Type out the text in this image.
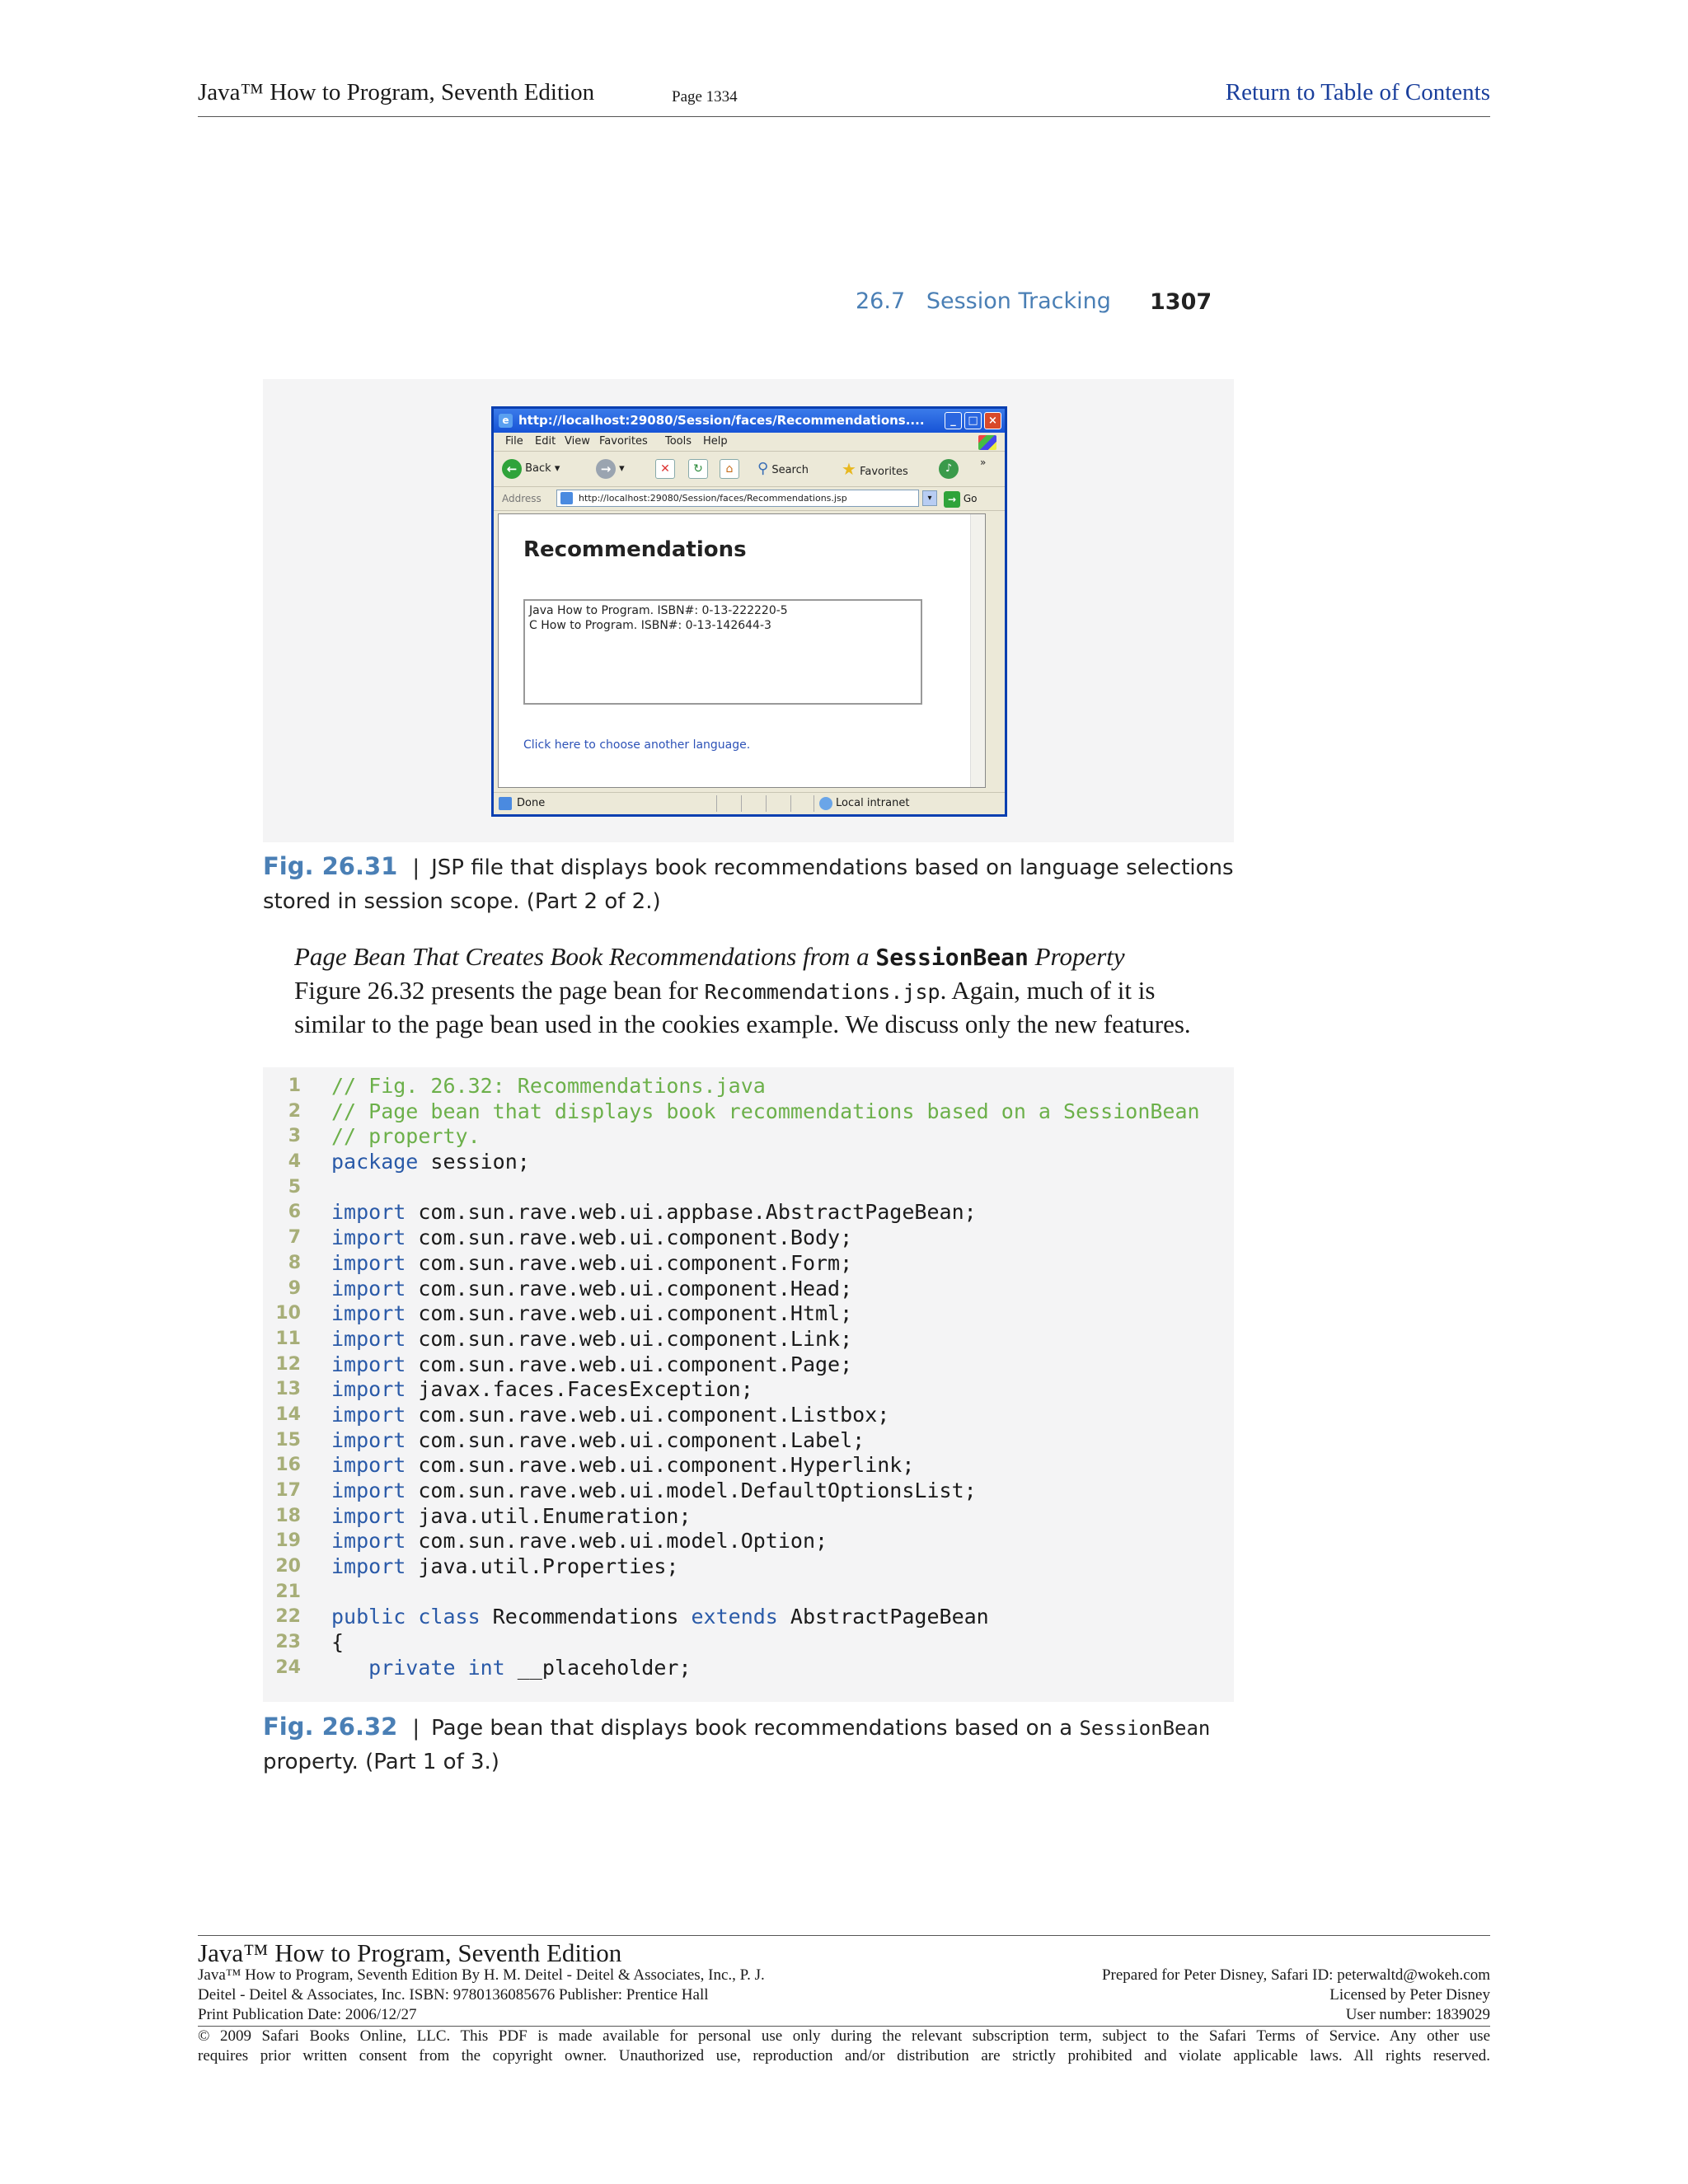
Java™ How to Program, Seventh Edition	Page 1334	Return to Table of Contents
26.7   Session Tracking 1307
e http://localhost:29080/Session/faces/Recommendations....	_	□ ×
File Edit View Favorites Tools Help
← Back ▾	→ ▾	✕	↻	⌂	⚲ Search ★ Favorites	♪	»
Address	http://localhost:29080/Session/faces/Recommendations.jsp	▾	→ Go
Recommendations
Java How to Program. ISBN#: 0-13-222220-5
C How to Program. ISBN#: 0-13-142644-3
Click here to choose another language.
Done	Local intranet
Fig. 26.31 | JSP file that displays book recommendations based on language selections stored in session scope. (Part 2 of 2.)
Page Bean That Creates Book Recommendations from a SessionBean Property
Figure 26.32 presents the page bean for Recommendations.jsp. Again, much of it is similar to the page bean used in the cookies example. We discuss only the new features.
1 // Fig. 26.32: Recommendations.java
2 // Page bean that displays book recommendations based on a SessionBean
3 // property.
4 package session;
5
6 import com.sun.rave.web.ui.appbase.AbstractPageBean;
7 import com.sun.rave.web.ui.component.Body;
8 import com.sun.rave.web.ui.component.Form;
9 import com.sun.rave.web.ui.component.Head;
10 import com.sun.rave.web.ui.component.Html;
11 import com.sun.rave.web.ui.component.Link;
12 import com.sun.rave.web.ui.component.Page;
13 import javax.faces.FacesException;
14 import com.sun.rave.web.ui.component.Listbox;
15 import com.sun.rave.web.ui.component.Label;
16 import com.sun.rave.web.ui.component.Hyperlink;
17 import com.sun.rave.web.ui.model.DefaultOptionsList;
18 import java.util.Enumeration;
19 import com.sun.rave.web.ui.model.Option;
20 import java.util.Properties;
21
22 public class Recommendations extends AbstractPageBean
23 {
24	private int __placeholder;
Fig. 26.32 | Page bean that displays book recommendations based on a SessionBean property. (Part 1 of 3.)
Java™ How to Program, Seventh Edition
Java™ How to Program, Seventh Edition By H. M. Deitel - Deitel & Associates, Inc., P. J.
Deitel - Deitel & Associates, Inc. ISBN: 9780136085676 Publisher: Prentice Hall
Print Publication Date: 2006/12/27
Prepared for Peter Disney, Safari ID: peterwaltd@wokeh.com
Licensed by Peter Disney
User number: 1839029
© 2009 Safari Books Online, LLC. This PDF is made available for personal use only during the relevant subscription term, subject to the Safari Terms of Service. Any other use
requires prior written consent from the copyright owner. Unauthorized use, reproduction and/or distribution are strictly prohibited and violate applicable laws. All rights reserved.
